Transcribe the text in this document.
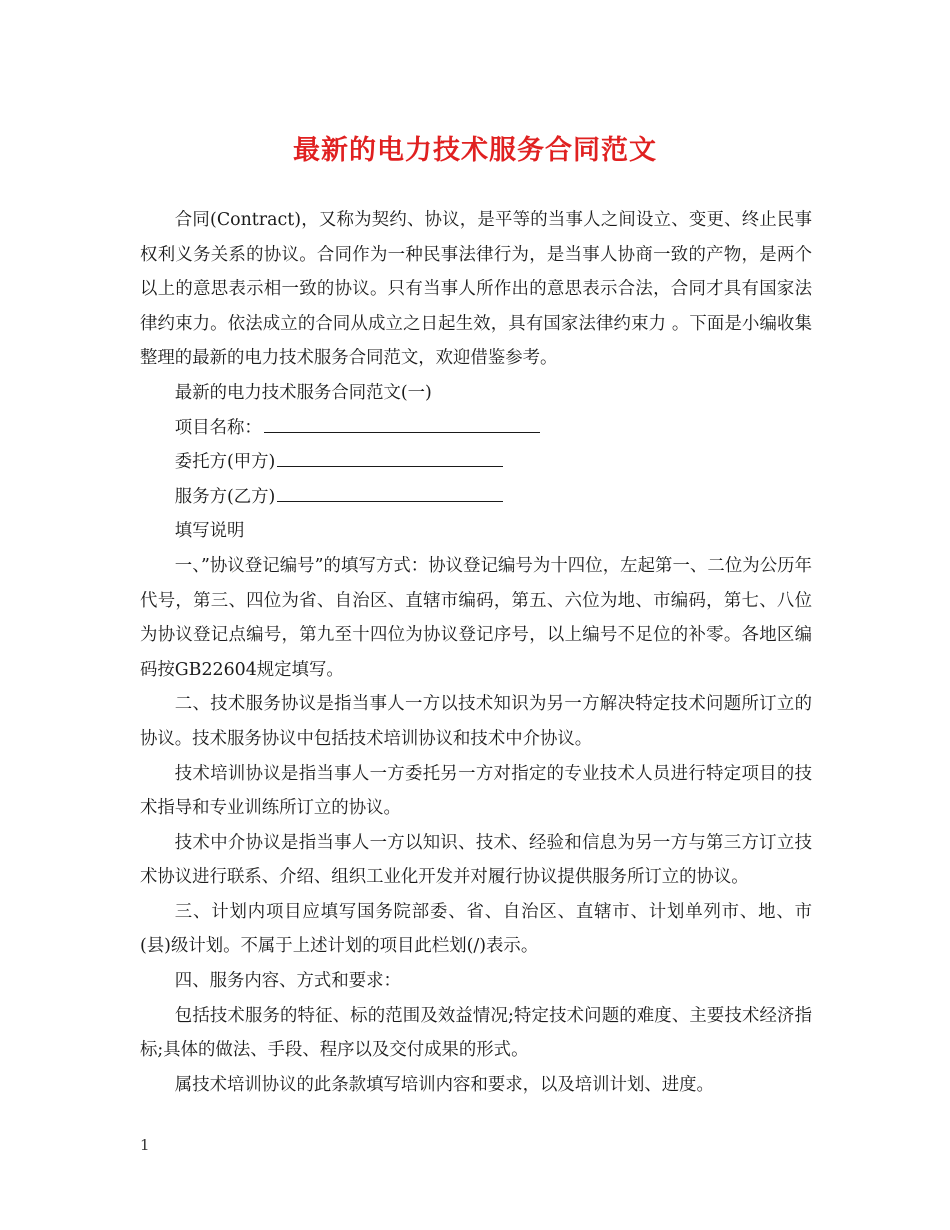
最新的电力技术服务合同范文

合同(Contract)，又称为契约、协议，是平等的当事人之间设立、变更、终止民事权利义务关系的协议。合同作为一种民事法律行为，是当事人协商一致的产物，是两个以上的意思表示相一致的协议。只有当事人所作出的意思表示合法，合同才具有国家法律约束力。依法成立的合同从成立之日起生效，具有国家法律约束力 。下面是小编收集整理的最新的电力技术服务合同范文，欢迎借鉴参考。

最新的电力技术服务合同范文(一)

项目名称：

委托方(甲方)

服务方(乙方)

填写说明

一、”协议登记编号”的填写方式：协议登记编号为十四位，左起第一、二位为公历年代号，第三、四位为省、自治区、直辖市编码，第五、六位为地、市编码，第七、八位为协议登记点编号，第九至十四位为协议登记序号，以上编号不足位的补零。各地区编码按GB22604规定填写。

二、技术服务协议是指当事人一方以技术知识为另一方解决特定技术问题所订立的协议。技术服务协议中包括技术培训协议和技术中介协议。

技术培训协议是指当事人一方委托另一方对指定的专业技术人员进行特定项目的技术指导和专业训练所订立的协议。

技术中介协议是指当事人一方以知识、技术、经验和信息为另一方与第三方订立技术协议进行联系、介绍、组织工业化开发并对履行协议提供服务所订立的协议。

三、计划内项目应填写国务院部委、省、自治区、直辖市、计划单列市、地、市(县)级计划。不属于上述计划的项目此栏划(/)表示。

四、服务内容、方式和要求：

包括技术服务的特征、标的范围及效益情况;特定技术问题的难度、主要技术经济指标;具体的做法、手段、程序以及交付成果的形式。

属技术培训协议的此条款填写培训内容和要求，以及培训计划、进度。

1
